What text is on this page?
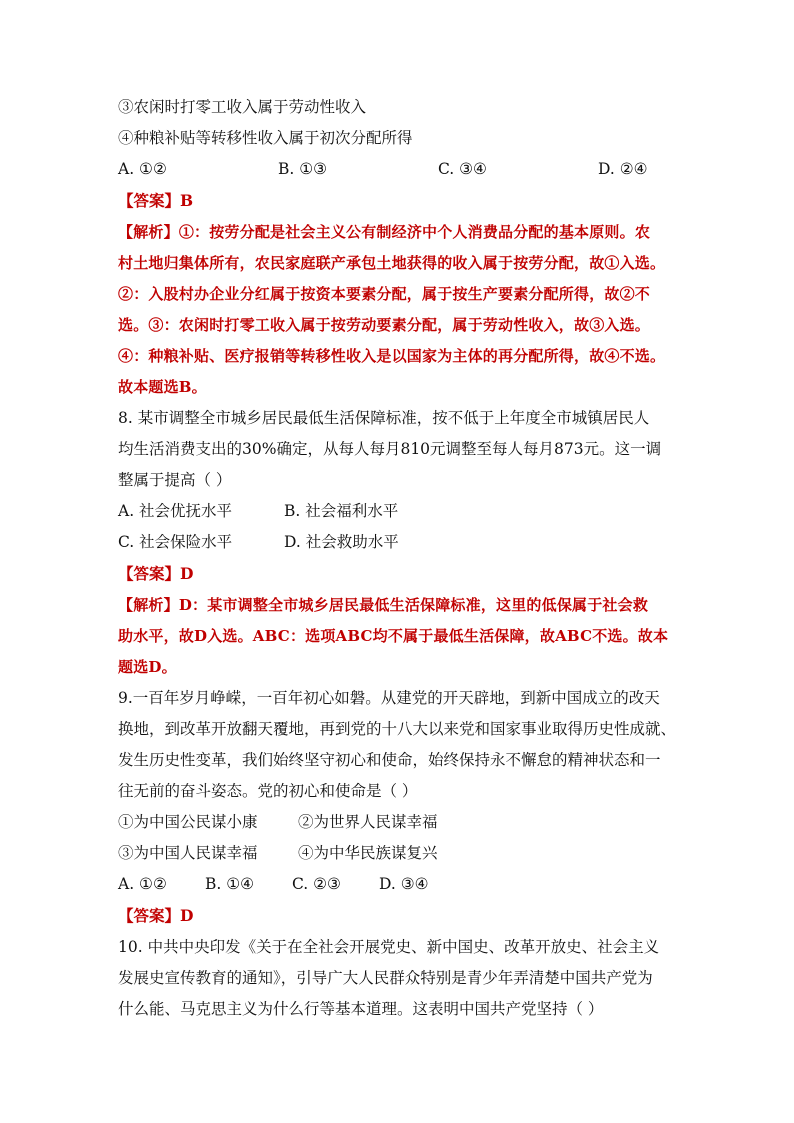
③农闲时打零工收入属于劳动性收入
④种粮补贴等转移性收入属于初次分配所得
A. ①②	B. ①③	C. ③④	D. ②④
【答案】B
【解析】①：按劳分配是社会主义公有制经济中个人消费品分配的基本原则。农
村土地归集体所有，农民家庭联产承包土地获得的收入属于按劳分配，故①入选。
②：入股村办企业分红属于按资本要素分配，属于按生产要素分配所得，故②不
选。③：农闲时打零工收入属于按劳动要素分配，属于劳动性收入，故③入选。
④：种粮补贴、医疗报销等转移性收入是以国家为主体的再分配所得，故④不选。
故本题选B。
8. 某市调整全市城乡居民最低生活保障标准，按不低于上年度全市城镇居民人
均生活消费支出的30%确定，从每人每月810元调整至每人每月873元。这一调
整属于提高（ ）
A. 社会优抚水平	B. 社会福利水平
C. 社会保险水平	D. 社会救助水平
【答案】D
【解析】D：某市调整全市城乡居民最低生活保障标准，这里的低保属于社会救
助水平，故D入选。ABC：选项ABC均不属于最低生活保障，故ABC不选。故本
题选D。
9.一百年岁月峥嵘，一百年初心如磐。从建党的开天辟地，到新中国成立的改天
换地，到改革开放翻天覆地，再到党的十八大以来党和国家事业取得历史性成就、
发生历史性变革，我们始终坚守初心和使命，始终保持永不懈怠的精神状态和一
往无前的奋斗姿态。党的初心和使命是（ ）
①为中国公民谋小康	②为世界人民谋幸福
③为中国人民谋幸福	④为中华民族谋复兴
A. ①②	B. ①④	C. ②③	D. ③④
【答案】D
10. 中共中央印发《关于在全社会开展党史、新中国史、改革开放史、社会主义
发展史宣传教育的通知》，引导广大人民群众特别是青少年弄清楚中国共产党为
什么能、马克思主义为什么行等基本道理。这表明中国共产党坚持（ ）
